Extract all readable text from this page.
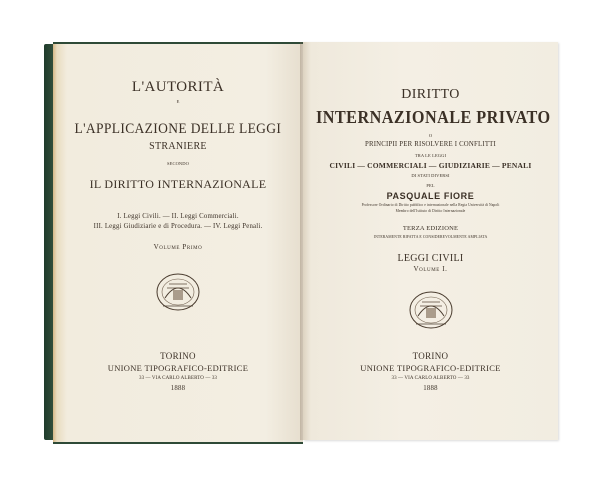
L'AUTORITÀ
E
L'APPLICAZIONE DELLE LEGGI
STRANIERE
SECONDO
IL DIRITTO INTERNAZIONALE
I. Leggi Civili. — II. Leggi Commerciali.
III. Leggi Giudiziarie e di Procedura. — IV. Leggi Penali.
Volume Primo
TORINO
UNIONE TIPOGRAFICO-EDITRICE
33 — VIA CARLO ALBERTO — 33
1888
DIRITTO
INTERNAZIONALE PRIVATO
O
PRINCIPII PER RISOLVERE I CONFLITTI
TRA LE LEGGI
CIVILI — COMMERCIALI — GIUDIZIARIE — PENALI
DI STATI DIVERSI
PEL
PASQUALE FIORE
Professore Ordinario di Diritto pubblico e internazionale nella Regia Università di Napoli
Membro dell'Istituto di Diritto Internazionale
TERZA EDIZIONE
INTERAMENTE RIFATTA E CONSIDEREVOLMENTE AMPLIATA
LEGGI CIVILI
Volume I.
TORINO
UNIONE TIPOGRAFICO-EDITRICE
33 — VIA CARLO ALBERTO — 33
1888
